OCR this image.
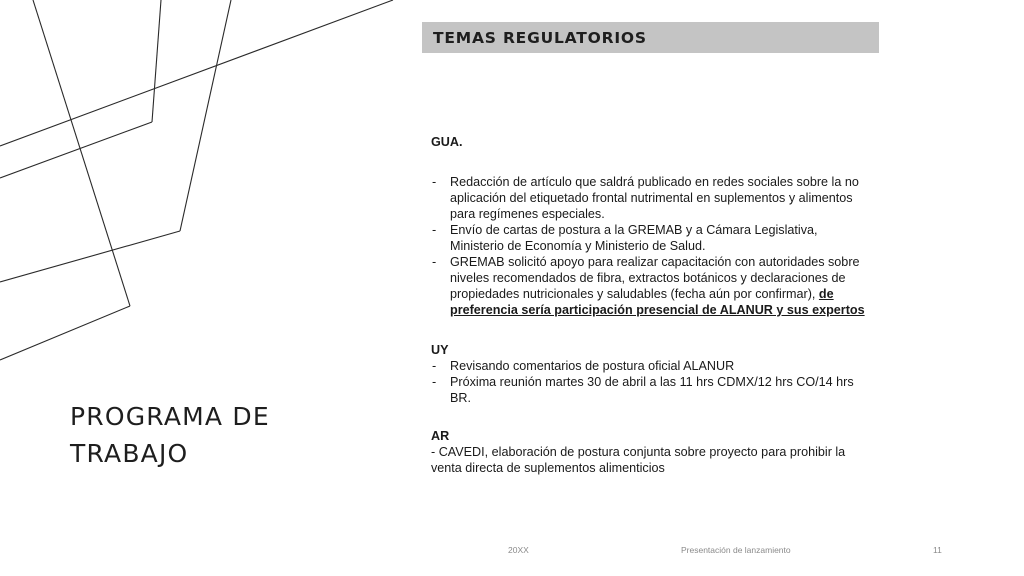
TEMAS REGULATORIOS
PROGRAMA DE
TRABAJO

GUA.

- Redacción de artículo que saldrá publicado en redes sociales sobre la no aplicación del etiquetado frontal nutrimental en suplementos y alimentos para regímenes especiales.
- Envío de cartas de postura a la GREMAB y a Cámara Legislativa, Ministerio de Economía y Ministerio de Salud.
- GREMAB solicitó apoyo para realizar capacitación con autoridades sobre niveles recomendados de fibra, extractos botánicos y declaraciones de propiedades nutricionales y saludables (fecha aún por confirmar), de preferencia sería participación presencial de ALANUR y sus expertos

UY

- Revisando comentarios de postura oficial ALANUR
- Próxima reunión martes 30 de abril a las 11 hrs CDMX/12 hrs CO/14 hrs BR.

AR

- CAVEDI, elaboración de postura conjunta sobre proyecto para prohibir la venta directa de suplementos alimenticios

20XX	Presentación de lanzamiento	11
